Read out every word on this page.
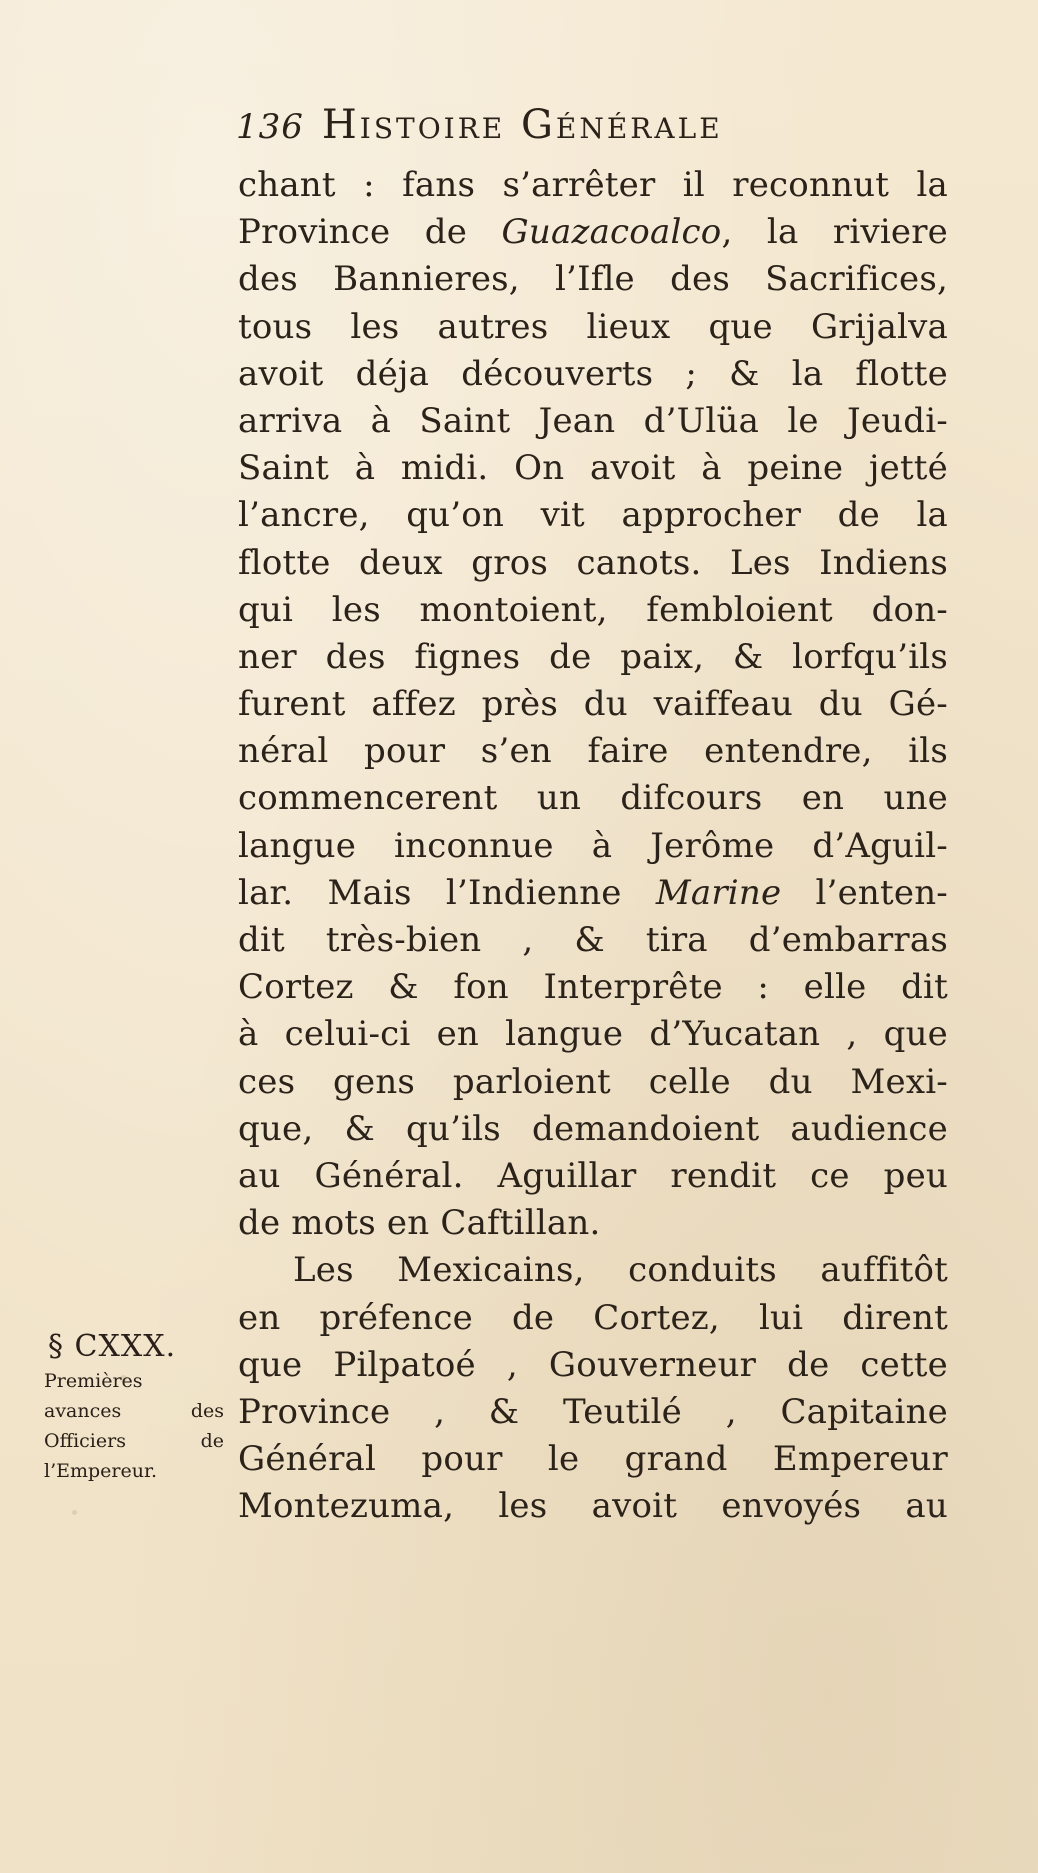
136 Histoire Générale
chant : fans s’arrêter il reconnut la
Province de Guazacoalco, la riviere
des Bannieres, l’Ifle des Sacrifices,
tous les autres lieux que Grijalva
avoit déja découverts ; & la flotte
arriva à Saint Jean d’Ulüa le Jeudi-
Saint à midi. On avoit à peine jetté
l’ancre, qu’on vit approcher de la
flotte deux gros canots. Les Indiens
qui les montoient, fembloient don-
ner des fignes de paix, & lorfqu’ils
furent affez près du vaiffeau du Gé-
néral pour s’en faire entendre, ils
commencerent un difcours en une
langue inconnue à Jerôme d’Aguil-
lar. Mais l’Indienne Marine l’enten-
dit très-bien , & tira d’embarras
Cortez & fon Interprête : elle dit
à celui-ci en langue d’Yucatan , que
ces gens parloient celle du Mexi-
que, & qu’ils demandoient audience
au Général. Aguillar rendit ce peu
de mots en Caftillan.
Les Mexicains, conduits auffitôt
en préfence de Cortez, lui dirent
que Pilpatoé , Gouverneur de cette
Province , & Teutilé , Capitaine
Général pour le grand Empereur
Montezuma, les avoit envoyés au
§ CXXX.
Premières
avances des
Officiers de
l’Empereur.
